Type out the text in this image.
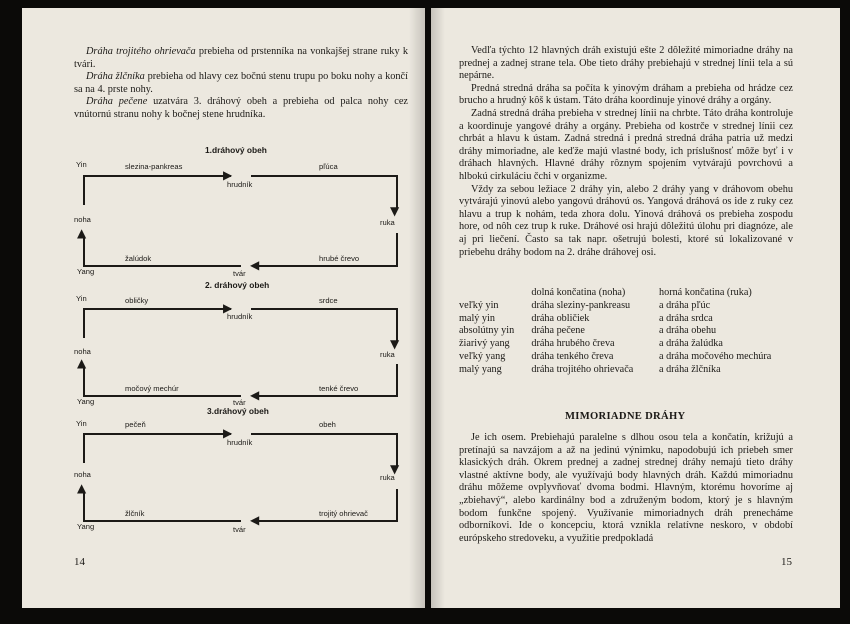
Dráha trojitého ohrievača prebieha od prstenníka na vonkajšej strane ruky k tvári.

Dráha žlčníka prebieha od hlavy cez bočnú stenu trupu po boku nohy a končí sa na 4. prste nohy.

Dráha pečene uzatvára 3. dráhový obeh a prebieha od palca nohy cez vnútornú stranu nohy k bočnej stene hrudníka.

1.dráhový obeh
Yin	slezina-pankreas	pľúca
hrudník
noha	ruka
žalúdok	hrubé črevo
Yang	tvár
▶
▼
▲
◀
2. dráhový obeh
Yin	obličky	srdce
hrudník
noha	ruka
močový mechúr	tenké črevo
Yang	tvár
▶
▼
▲
◀
3.dráhový obeh
Yin	pečeň	obeh
hrudník
noha	ruka
žlčník	trojitý ohrievač
Yang	tvár
▶
▼
▲
◀
14

Vedľa týchto 12 hlavných dráh existujú ešte 2 dôležité mimoriadne dráhy na prednej a zadnej strane tela. Obe tieto dráhy prebiehajú v strednej línii tela a sú nepárne.

Predná stredná dráha sa počíta k yinovým dráham a prebieha od hrádze cez brucho a hrudný kôš k ústam. Táto dráha koordinuje yinové dráhy a orgány.

Zadná stredná dráha prebieha v strednej línii na chrbte. Táto dráha kontroluje a koordinuje yangové dráhy a orgány. Prebieha od kostrče v strednej línii cez chrbát a hlavu k ústam. Zadná stredná i predná stredná dráha patria už medzi dráhy mimoriadne, ale keďže majú vlastné body, ich príslušnosť môže byť i v dráhach hlavných. Hlavné dráhy rôznym spojením vytvárajú povrchovú a hlbokú cirkuláciu čchi v organizme.

Vždy za sebou ležiace 2 dráhy yin, alebo 2 dráhy yang v dráhovom obehu vytvárajú yinovú alebo yangovú dráhovú os. Yangová dráhová os ide z ruky cez hlavu a trup k nohám, teda zhora dolu. Yinová dráhová os prebieha zospodu hore, od nôh cez trup k ruke. Dráhové osi hrajú dôležitú úlohu pri diagnóze, ale aj pri liečení. Často sa tak napr. ošetrujú bolesti, ktoré sú lokalizované v priebehu dráhy bodom na 2. dráhe dráhovej osi.

	dolná končatina (noha)	horná končatina (ruka)
veľký yin	dráha sleziny-pankreasu	a dráha pľúc
malý yin	dráha obličiek	a dráha srdca
absolútny yin	dráha pečene	a dráha obehu
žiarivý yang	dráha hrubého čreva	a dráha žalúdka
veľký yang	dráha tenkého čreva	a dráha močového mechúra
malý yang	dráha trojitého ohrievača	a dráha žlčníka
MIMORIADNE DRÁHY

Je ich osem. Prebiehajú paralelne s dlhou osou tela a končatín, križujú a pretínajú sa navzájom a až na jedinú výnimku, napodobujú ich priebeh smer klasických dráh. Okrem prednej a zadnej strednej dráhy nemajú tieto dráhy vlastné aktívne body, ale využívajú body hlavných dráh. Každú mimoriadnu dráhu môžeme ovplyvňovať dvoma bodmi. Hlavným, ktorému hovoríme aj „zbiehavý“, alebo kardinálny bod a združeným bodom, ktorý je s hlavným bodom funkčne spojený. Využívanie mimoriadnych dráh prenecháme odborníkovi. Ide o koncepciu, ktorá vznikla relatívne neskoro, v období európskeho stredoveku, a využitie predpokladá

15
